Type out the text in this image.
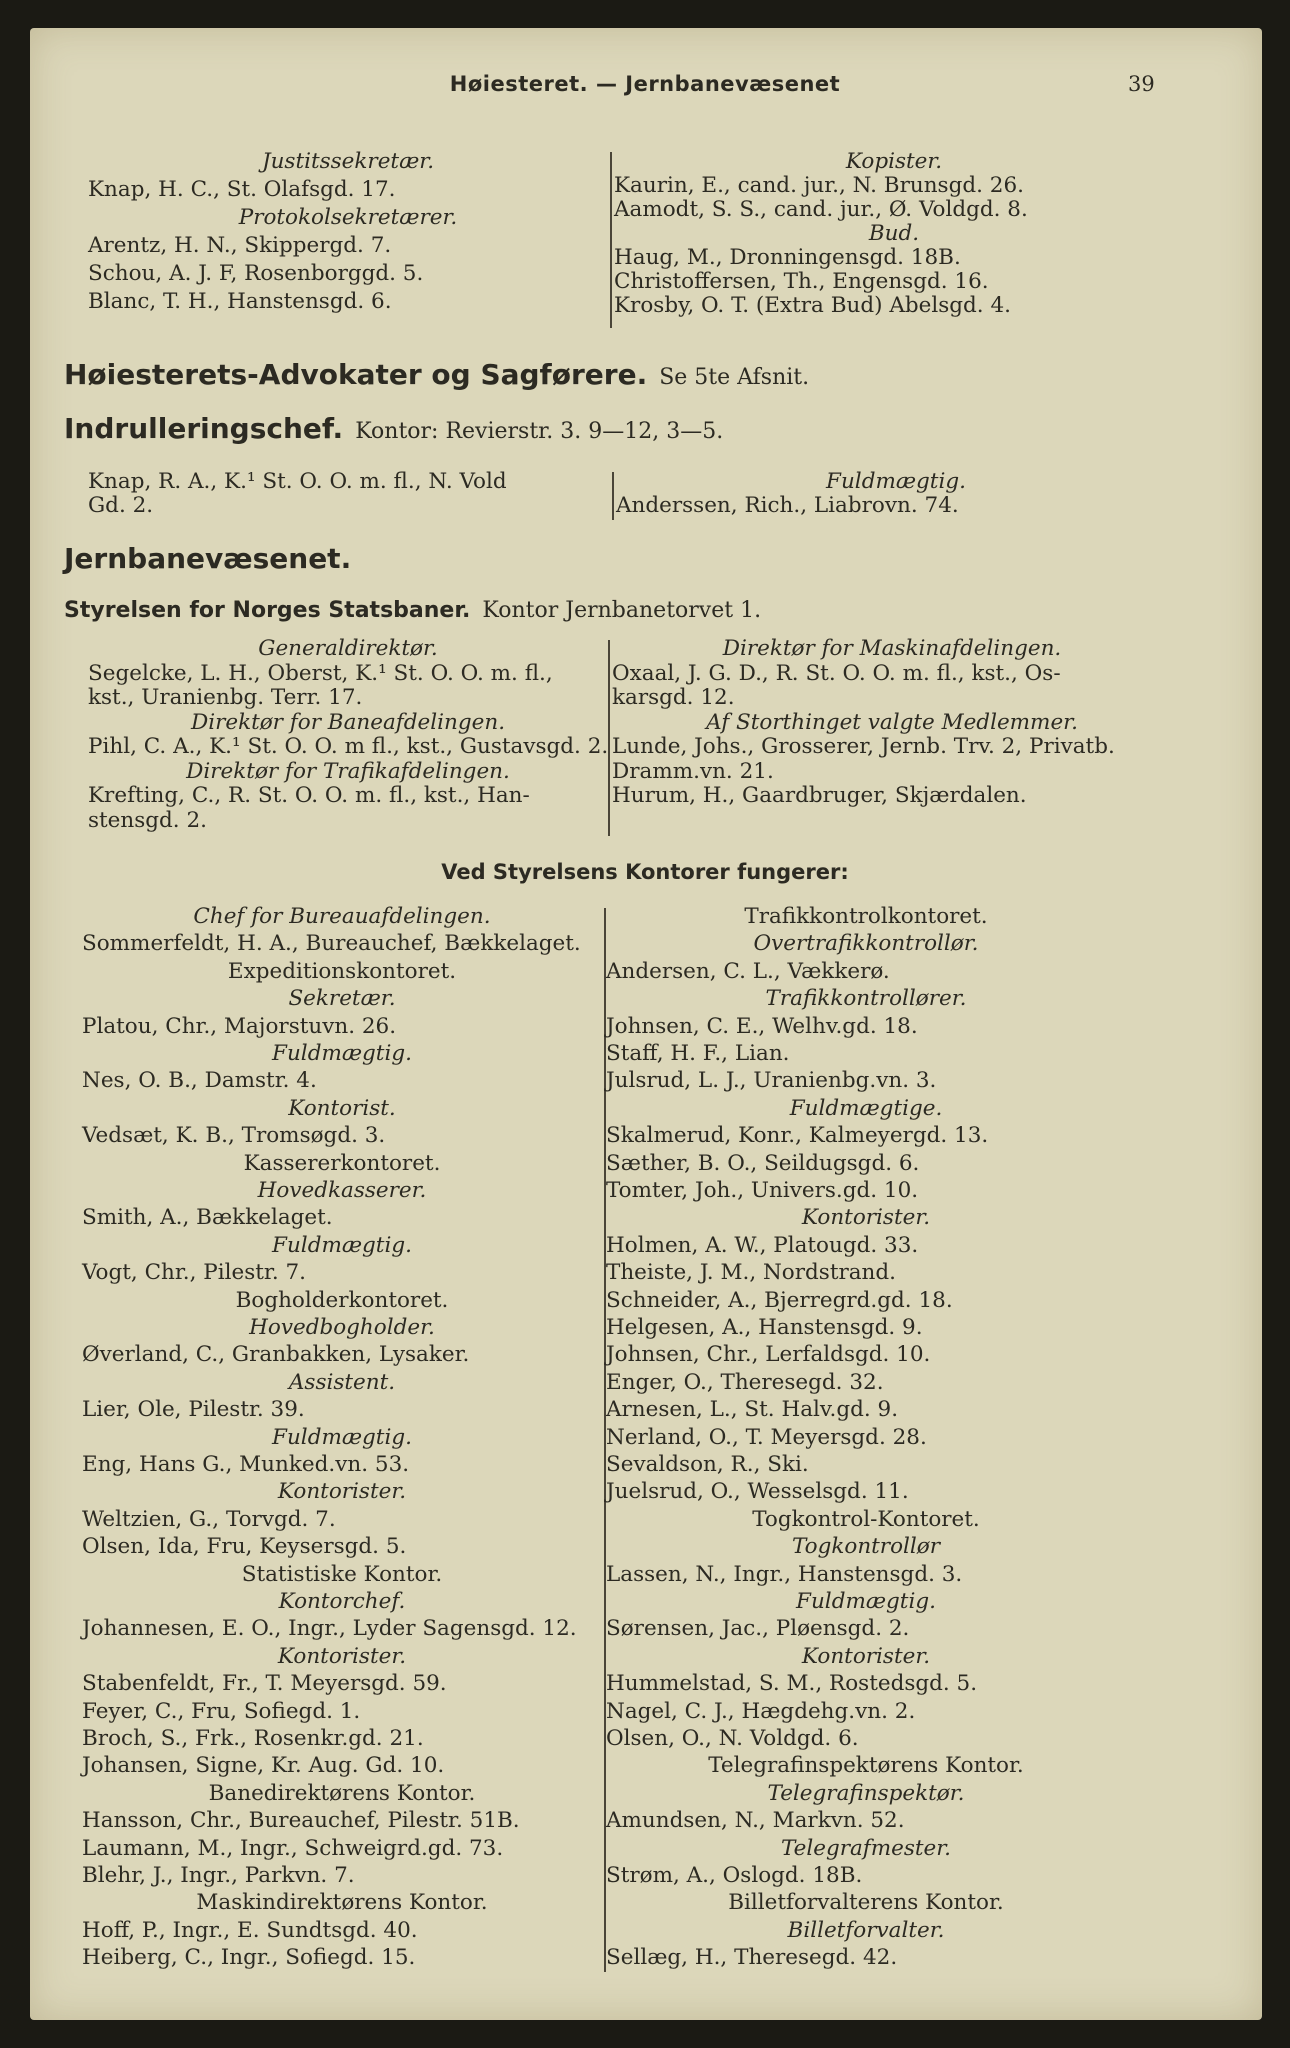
Høiesteret. — Jernbanevæsenet	39
Justitssekretær.
Knap, H. C., St. Olafsgd. 17.
Protokolsekretærer.
Arentz, H. N., Skippergd. 7.
Schou, A. J. F, Rosenborggd. 5.
Blanc, T. H., Hanstensgd. 6.
Kopister.
Kaurin, E., cand. jur., N. Brunsgd. 26.
Aamodt, S. S., cand. jur., Ø. Voldgd. 8.
Bud.
Haug, M., Dronningensgd. 18B.
Christoffersen, Th., Engensgd. 16.
Krosby, O. T. (Extra Bud) Abelsgd. 4.
Høiesterets-Advokater og Sagførere. Se 5te Afsnit.
Indrulleringschef. Kontor: Revierstr. 3. 9—12, 3—5.
Knap, R. A., K.¹ St. O. O. m. fl., N. Vold
Gd. 2.
Fuldmægtig.
Anderssen, Rich., Liabrovn. 74.
Jernbanevæsenet.
Styrelsen for Norges Statsbaner. Kontor Jernbanetorvet 1.
Generaldirektør.
Segelcke, L. H., Oberst, K.¹ St. O. O. m. fl.,
kst., Uranienbg. Terr. 17.
Direktør for Baneafdelingen.
Pihl, C. A., K.¹ St. O. O. m fl., kst., Gustavsgd. 2.
Direktør for Trafikafdelingen.
Krefting, C., R. St. O. O. m. fl., kst., Han-
stensgd. 2.
Direktør for Maskinafdelingen.
Oxaal, J. G. D., R. St. O. O. m. fl., kst., Os-
karsgd. 12.
Af Storthinget valgte Medlemmer.
Lunde, Johs., Grosserer, Jernb. Trv. 2, Privatb.
Dramm.vn. 21.
Hurum, H., Gaardbruger, Skjærdalen.
Ved Styrelsens Kontorer fungerer:
Chef for Bureauafdelingen.
Sommerfeldt, H. A., Bureauchef, Bækkelaget.
Expeditionskontoret.
Sekretær.
Platou, Chr., Majorstuvn. 26.
Fuldmægtig.
Nes, O. B., Damstr. 4.
Kontorist.
Vedsæt, K. B., Tromsøgd. 3.
Kassererkontoret.
Hovedkasserer.
Smith, A., Bækkelaget.
Fuldmægtig.
Vogt, Chr., Pilestr. 7.
Bogholderkontoret.
Hovedbogholder.
Øverland, C., Granbakken, Lysaker.
Assistent.
Lier, Ole, Pilestr. 39.
Fuldmægtig.
Eng, Hans G., Munked.vn. 53.
Kontorister.
Weltzien, G., Torvgd. 7.
Olsen, Ida, Fru, Keysersgd. 5.
Statistiske Kontor.
Kontorchef.
Johannesen, E. O., Ingr., Lyder Sagensgd. 12.
Kontorister.
Stabenfeldt, Fr., T. Meyersgd. 59.
Feyer, C., Fru, Sofiegd. 1.
Broch, S., Frk., Rosenkr.gd. 21.
Johansen, Signe, Kr. Aug. Gd. 10.
Banedirektørens Kontor.
Hansson, Chr., Bureauchef, Pilestr. 51B.
Laumann, M., Ingr., Schweigrd.gd. 73.
Blehr, J., Ingr., Parkvn. 7.
Maskindirektørens Kontor.
Hoff, P., Ingr., E. Sundtsgd. 40.
Heiberg, C., Ingr., Sofiegd. 15.
Trafikkontrolkontoret.
Overtrafikkontrollør.
Andersen, C. L., Vækkerø.
Trafikkontrollører.
Johnsen, C. E., Welhv.gd. 18.
Staff, H. F., Lian.
Julsrud, L. J., Uranienbg.vn. 3.
Fuldmægtige.
Skalmerud, Konr., Kalmeyergd. 13.
Sæther, B. O., Seildugsgd. 6.
Tomter, Joh., Univers.gd. 10.
Kontorister.
Holmen, A. W., Platougd. 33.
Theiste, J. M., Nordstrand.
Schneider, A., Bjerregrd.gd. 18.
Helgesen, A., Hanstensgd. 9.
Johnsen, Chr., Lerfaldsgd. 10.
Enger, O., Theresegd. 32.
Arnesen, L., St. Halv.gd. 9.
Nerland, O., T. Meyersgd. 28.
Sevaldson, R., Ski.
Juelsrud, O., Wesselsgd. 11.
Togkontrol-Kontoret.
Togkontrollør
Lassen, N., Ingr., Hanstensgd. 3.
Fuldmægtig.
Sørensen, Jac., Pløensgd. 2.
Kontorister.
Hummelstad, S. M., Rostedsgd. 5.
Nagel, C. J., Hægdehg.vn. 2.
Olsen, O., N. Voldgd. 6.
Telegrafinspektørens Kontor.
Telegrafinspektør.
Amundsen, N., Markvn. 52.
Telegrafmester.
Strøm, A., Oslogd. 18B.
Billetforvalterens Kontor.
Billetforvalter.
Sellæg, H., Theresegd. 42.
